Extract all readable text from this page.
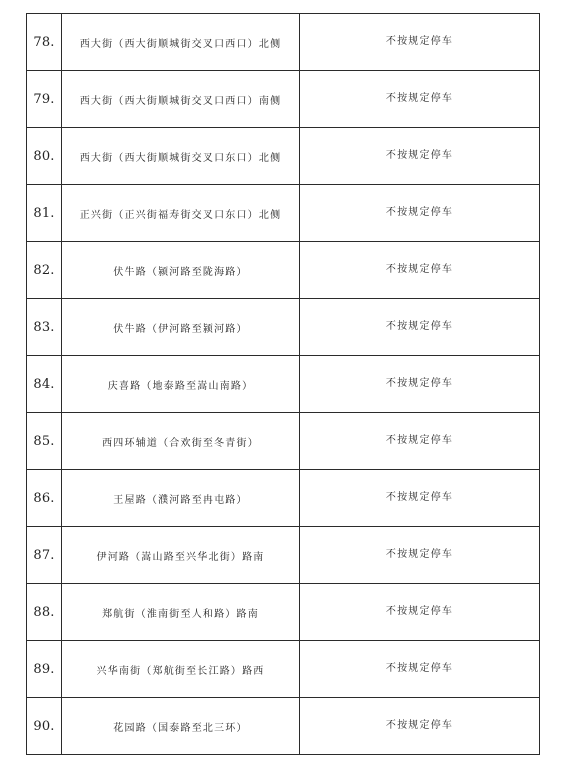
78.	西大街（西大街顺城街交叉口西口）北侧	不按规定停车
79.	西大街（西大街顺城街交叉口西口）南侧	不按规定停车
80.	西大街（西大街顺城街交叉口东口）北侧	不按规定停车
81.	正兴街（正兴街福寿街交叉口东口）北侧	不按规定停车
82.	伏牛路（颍河路至陇海路）	不按规定停车
83.	伏牛路（伊河路至颍河路）	不按规定停车
84.	庆喜路（地泰路至嵩山南路）	不按规定停车
85.	西四环辅道（合欢街至冬青街）	不按规定停车
86.	王屋路（濮河路至冉屯路）	不按规定停车
87.	伊河路（嵩山路至兴华北街）路南	不按规定停车
88.	郑航街（淮南街至人和路）路南	不按规定停车
89.	兴华南街（郑航街至长江路）路西	不按规定停车
90.	花园路（国泰路至北三环）	不按规定停车
